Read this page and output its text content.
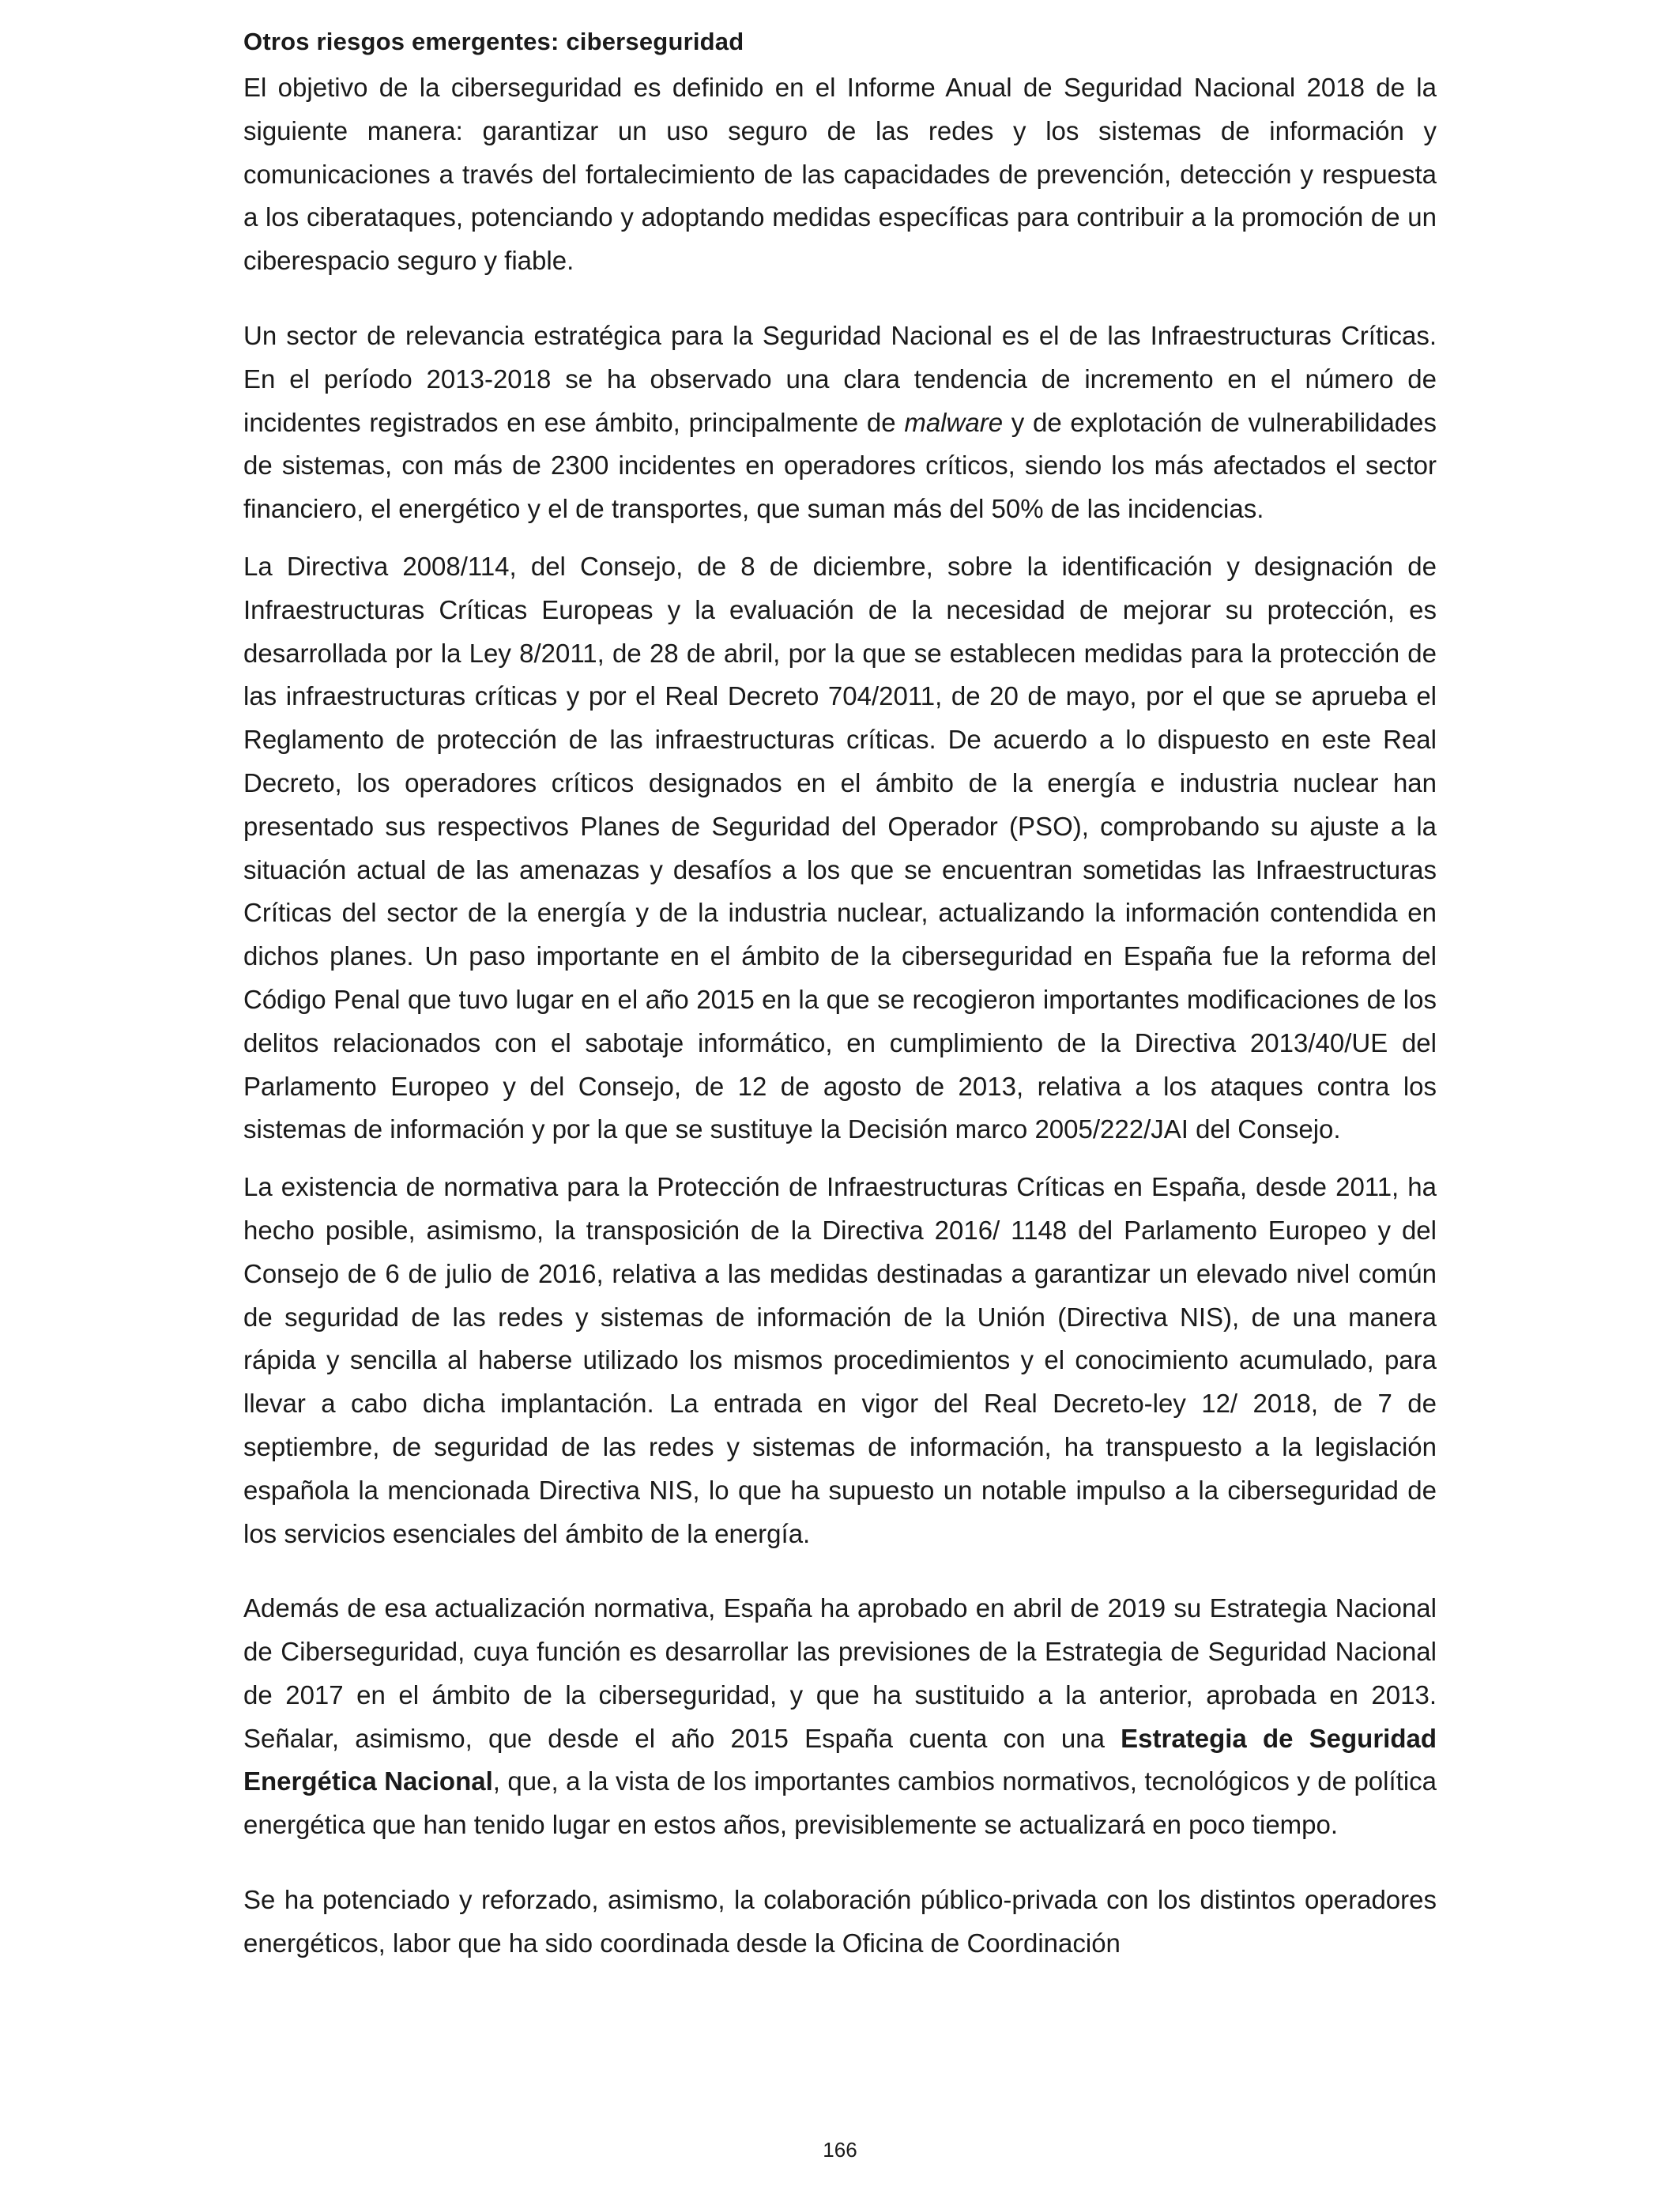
Otros riesgos emergentes: ciberseguridad

El objetivo de la ciberseguridad es definido en el Informe Anual de Seguridad Nacional 2018 de la siguiente manera: garantizar un uso seguro de las redes y los sistemas de información y comunicaciones a través del fortalecimiento de las capacidades de prevención, detección y respuesta a los ciberataques, potenciando y adoptando medidas específicas para contribuir a la promoción de un ciberespacio seguro y fiable.

Un sector de relevancia estratégica para la Seguridad Nacional es el de las Infraestructuras Críticas. En el período 2013-2018 se ha observado una clara tendencia de incremento en el número de incidentes registrados en ese ámbito, principalmente de malware y de explotación de vulnerabilidades de sistemas, con más de 2300 incidentes en operadores críticos, siendo los más afectados el sector financiero, el energético y el de transportes, que suman más del 50% de las incidencias.

La Directiva 2008/114, del Consejo, de 8 de diciembre, sobre la identificación y designación de Infraestructuras Críticas Europeas y la evaluación de la necesidad de mejorar su protección, es desarrollada por la Ley 8/2011, de 28 de abril, por la que se establecen medidas para la protección de las infraestructuras críticas y por el Real Decreto 704/2011, de 20 de mayo, por el que se aprueba el Reglamento de protección de las infraestructuras críticas. De acuerdo a lo dispuesto en este Real Decreto, los operadores críticos designados en el ámbito de la energía e industria nuclear han presentado sus respectivos Planes de Seguridad del Operador (PSO), comprobando su ajuste a la situación actual de las amenazas y desafíos a los que se encuentran sometidas las Infraestructuras Críticas del sector de la energía y de la industria nuclear, actualizando la información contendida en dichos planes. Un paso importante en el ámbito de la ciberseguridad en España fue la reforma del Código Penal que tuvo lugar en el año 2015 en la que se recogieron importantes modificaciones de los delitos relacionados con el sabotaje informático, en cumplimiento de la Directiva 2013/40/UE del Parlamento Europeo y del Consejo, de 12 de agosto de 2013, relativa a los ataques contra los sistemas de información y por la que se sustituye la Decisión marco 2005/222/JAI del Consejo.

La existencia de normativa para la Protección de Infraestructuras Críticas en España, desde 2011, ha hecho posible, asimismo, la transposición de la Directiva 2016/ 1148 del Parlamento Europeo y del Consejo de 6 de julio de 2016, relativa a las medidas destinadas a garantizar un elevado nivel común de seguridad de las redes y sistemas de información de la Unión (Directiva NIS), de una manera rápida y sencilla al haberse utilizado los mismos procedimientos y el conocimiento acumulado, para llevar a cabo dicha implantación. La entrada en vigor del Real Decreto-ley 12/ 2018, de 7 de septiembre, de seguridad de las redes y sistemas de información, ha transpuesto a la legislación española la mencionada Directiva NIS, lo que ha supuesto un notable impulso a la ciberseguridad de los servicios esenciales del ámbito de la energía.

Además de esa actualización normativa, España ha aprobado en abril de 2019 su Estrategia Nacional de Ciberseguridad, cuya función es desarrollar las previsiones de la Estrategia de Seguridad Nacional de 2017 en el ámbito de la ciberseguridad, y que ha sustituido a la anterior, aprobada en 2013. Señalar, asimismo, que desde el año 2015 España cuenta con una Estrategia de Seguridad Energética Nacional, que, a la vista de los importantes cambios normativos, tecnológicos y de política energética que han tenido lugar en estos años, previsiblemente se actualizará en poco tiempo.

Se ha potenciado y reforzado, asimismo, la colaboración público-privada con los distintos operadores energéticos, labor que ha sido coordinada desde la Oficina de Coordinación

166
